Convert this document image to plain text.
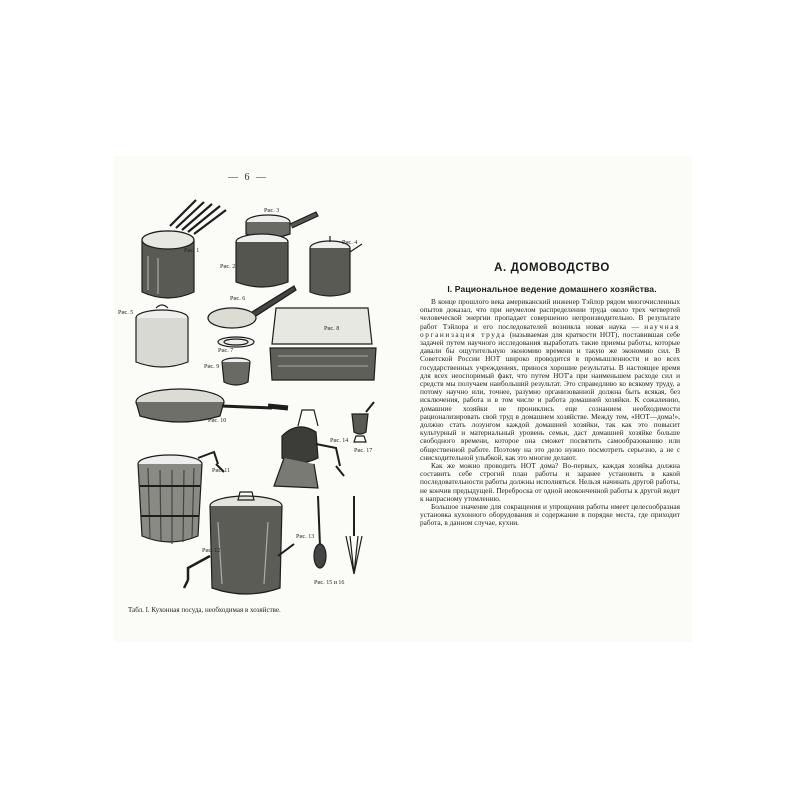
— 6 —
Рис. 1
Рис. 3
Рис. 2
Рис. 4
Рис. 5
Рис. 6
Рис. 7
Рис. 8
Рис. 9
Рис. 10
Рис. 14
Рис. 17
Рис. 11
Рис. 12
Рис. 15 и 16
Рис. 13
Табл. I. Кухонная посуда, необходимая в хозяйстве.
А. ДОМОВОДСТВО
I. Рациональное ведение домашнего хозяйства.

В конце прошлого века американский инженер Тэйлор рядом многочисленных опытов доказал, что при неумелом распределении труда около трех четвертей человеческой энергии пропадает совершенно непроизводительно. В результате работ Тэйлора и его последователей возникла новая наука — научная организация труда (называемая для краткости НОТ), поставившая себе задачей путем научного исследования выработать такие приемы работы, которые давали бы ощутительную экономию времени и такую же экономию сил. В Советской России НОТ широко проводится в промышленности и во всех государственных учреждениях, принося хорошие результаты. В настоящее время для всех неоспоримый факт, что путем НОТ'а при наименьшем расходе сил и средств мы получаем наибольший результат. Это справедливо ко всякому труду, а потому научно или, точнее, разумно организованной должна быть всякая, без исключения, работа и в том числе и работа домашней хозяйки. К сожалению, домашние хозяйки не прониклись еще сознанием необходимости рационализировать свой труд в домашнем хозяйстве. Между тем, «НОТ—дома!», должно стать лозунгом каждой домашней хозяйки, так как это повысит культурный и материальный уровень семьи, даст домашней хозяйке больше свободного времени, которое она сможет посвятить самообразованию или общественной работе. Поэтому на это дело нужно посмотреть серьезно, а не с снисходительной улыбкой, как это многие делают.

Как же можно проводить НОТ дома? Во-первых, каждая хозяйка должна составить себе строгий план работы и заранее установить в какой последовательности работы должны исполняться. Нельзя начинать другой работы, не кончив предыдущей. Переброска от одной неоконченной работы к другой ведет к напрасному утомлению.

Большое значение для сокращения и упрощения работы имеет целесообразная установка кухонного оборудования и содержание в порядке места, где приходит работа, в данном случае, кухни.
